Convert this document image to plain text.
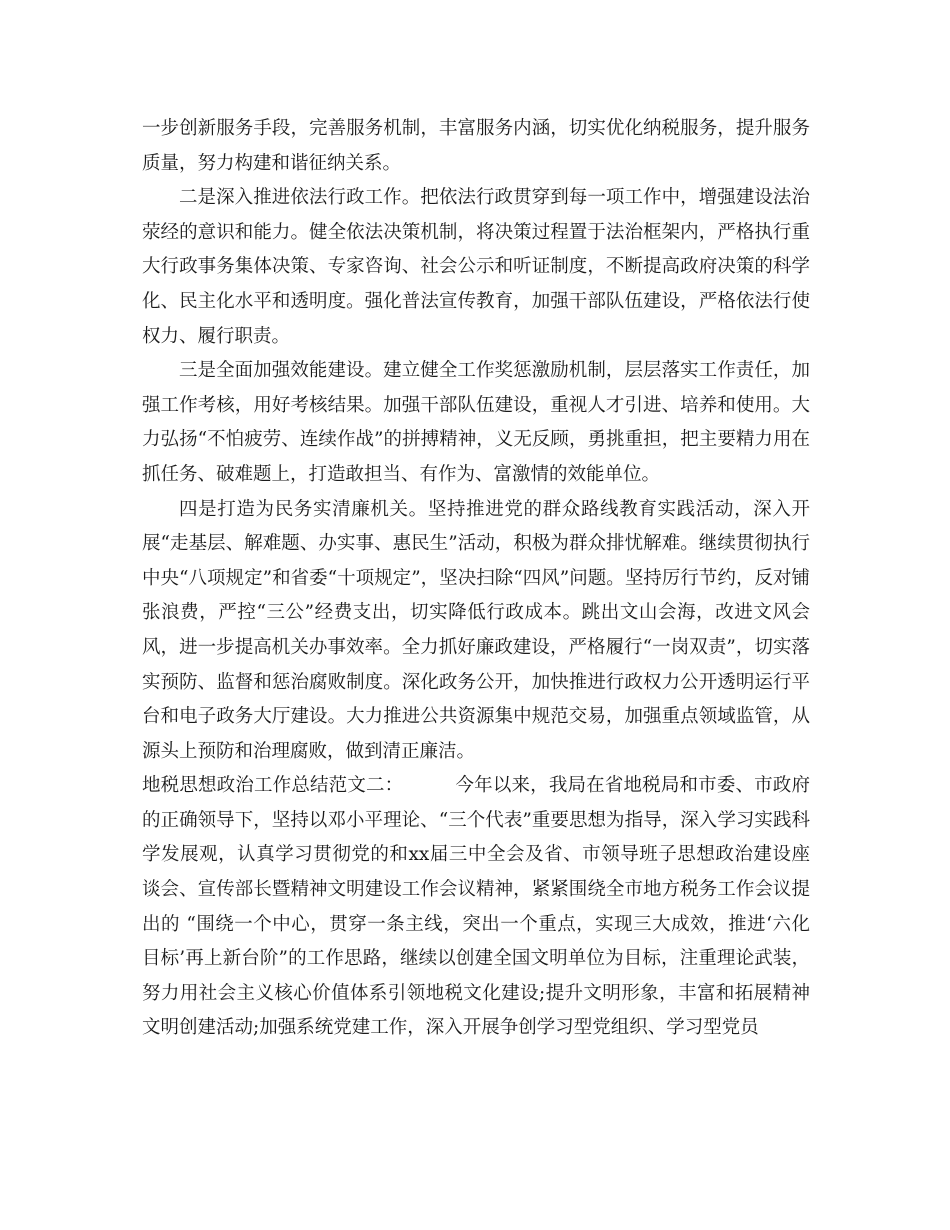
一步创新服务手段，完善服务机制，丰富服务内涵，切实优化纳税服务，提升服务质量，努力构建和谐征纳关系。

二是深入推进依法行政工作。把依法行政贯穿到每一项工作中，增强建设法治荥经的意识和能力。健全依法决策机制，将决策过程置于法治框架内，严格执行重大行政事务集体决策、专家咨询、社会公示和听证制度，不断提高政府决策的科学化、民主化水平和透明度。强化普法宣传教育，加强干部队伍建设，严格依法行使权力、履行职责。

三是全面加强效能建设。建立健全工作奖惩激励机制，层层落实工作责任，加强工作考核，用好考核结果。加强干部队伍建设，重视人才引进、培养和使用。大力弘扬“不怕疲劳、连续作战”的拼搏精神，义无反顾，勇挑重担，把主要精力用在抓任务、破难题上，打造敢担当、有作为、富激情的效能单位。

四是打造为民务实清廉机关。坚持推进党的群众路线教育实践活动，深入开展“走基层、解难题、办实事、惠民生”活动，积极为群众排忧解难。继续贯彻执行中央“八项规定”和省委“十项规定”，坚决扫除“四风”问题。坚持厉行节约，反对铺张浪费，严控“三公”经费支出，切实降低行政成本。跳出文山会海，改进文风会风，进一步提高机关办事效率。全力抓好廉政建设，严格履行“一岗双责”，切实落实预防、监督和惩治腐败制度。深化政务公开，加快推进行政权力公开透明运行平台和电子政务大厅建设。大力推进公共资源集中规范交易，加强重点领域监管，从源头上预防和治理腐败，做到清正廉洁。

地税思想政治工作总结范文二：	今年以来，我局在省地税局和市委、市政府的正确领导下，坚持以邓小平理论、“三个代表”重要思想为指导，深入学习实践科学发展观，认真学习贯彻党的和xx届三中全会及省、市领导班子思想政治建设座谈会、宣传部长暨精神文明建设工作会议精神，紧紧围绕全市地方税务工作会议提出的 “围绕一个中心，贯穿一条主线，突出一个重点，实现三大成效，推进‘六化目标’再上新台阶”的工作思路，继续以创建全国文明单位为目标，注重理论武装，努力用社会主义核心价值体系引领地税文化建设;提升文明形象，丰富和拓展精神文明创建活动;加强系统党建工作，深入开展争创学习型党组织、学习型党员
